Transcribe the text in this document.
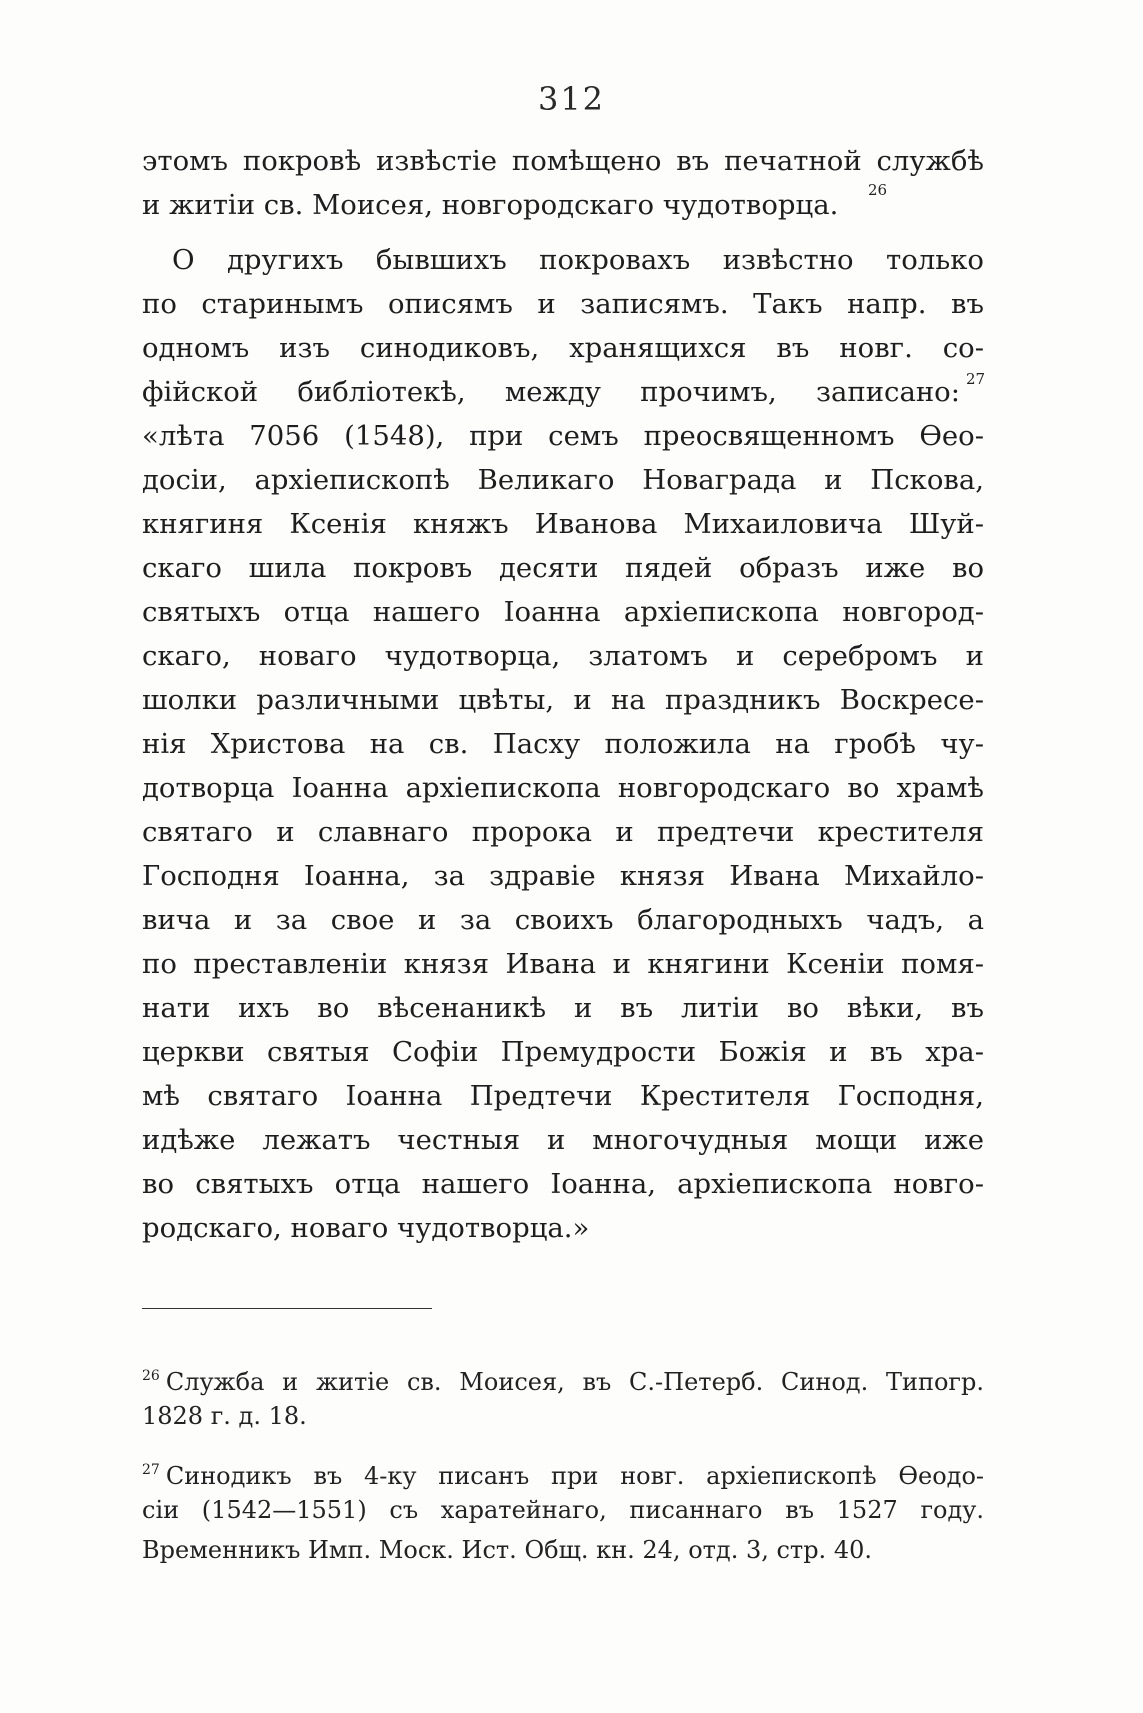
312
этомъ покровѣ извѣстіе помѣщено въ печатной службѣ
и житіи св. Моисея, новгородскаго чудотворца.	26
О другихъ бывшихъ покровахъ извѣстно только
по старинымъ описямъ и записямъ. Такъ напр. въ
одномъ изъ синодиковъ, хранящихся въ новг. со-
фійской библіотекѣ, между прочимъ, записано: 27
«лѣта 7056 (1548), при семъ преосвященномъ Өео-
досіи, архіепископѣ Великаго Новаграда и Пскова,
княгиня Ксенія княжъ Иванова Михаиловича Шуй-
скаго шила покровъ десяти пядей образъ иже во
святыхъ отца нашего Іоанна архіепископа новгород-
скаго, новаго чудотворца, златомъ и серебромъ и
шолки различными цвѣты, и на праздникъ Воскресе-
нія Христова на св. Пасху положила на гробѣ чу-
дотворца Іоанна архіепископа новгородскаго во храмѣ
святаго и славнаго пророка и предтечи крестителя
Господня Іоанна, за здравіе князя Ивана Михайло-
вича и за свое и за своихъ благородныхъ чадъ, а
по преставленіи князя Ивана и княгини Ксеніи помя-
нати ихъ во вѣсенаникѣ и въ литіи во вѣки, въ
церкви святыя Софіи Премудрости Божія и въ хра-
мѣ святаго Іоанна Предтечи Крестителя Господня,
идѣже лежатъ честныя и многочудныя мощи иже
во святыхъ отца нашего Іоанна, архіепископа новго-
родскаго, новаго чудотворца.»
$^{26}$ Служба и житіе св. Моисея, въ С.-Петерб. Синод. Типогр.
1828 г. д. 18.
$^{27}$ Синодикъ въ 4-ку писанъ при новг. архіепископѣ Өеодо-
сіи (1542—1551) съ харатейнаго, писаннаго въ 1527 году.
Временникъ Имп. Моск. Ист. Общ. кн. 24, отд. 3, стр. 40.
